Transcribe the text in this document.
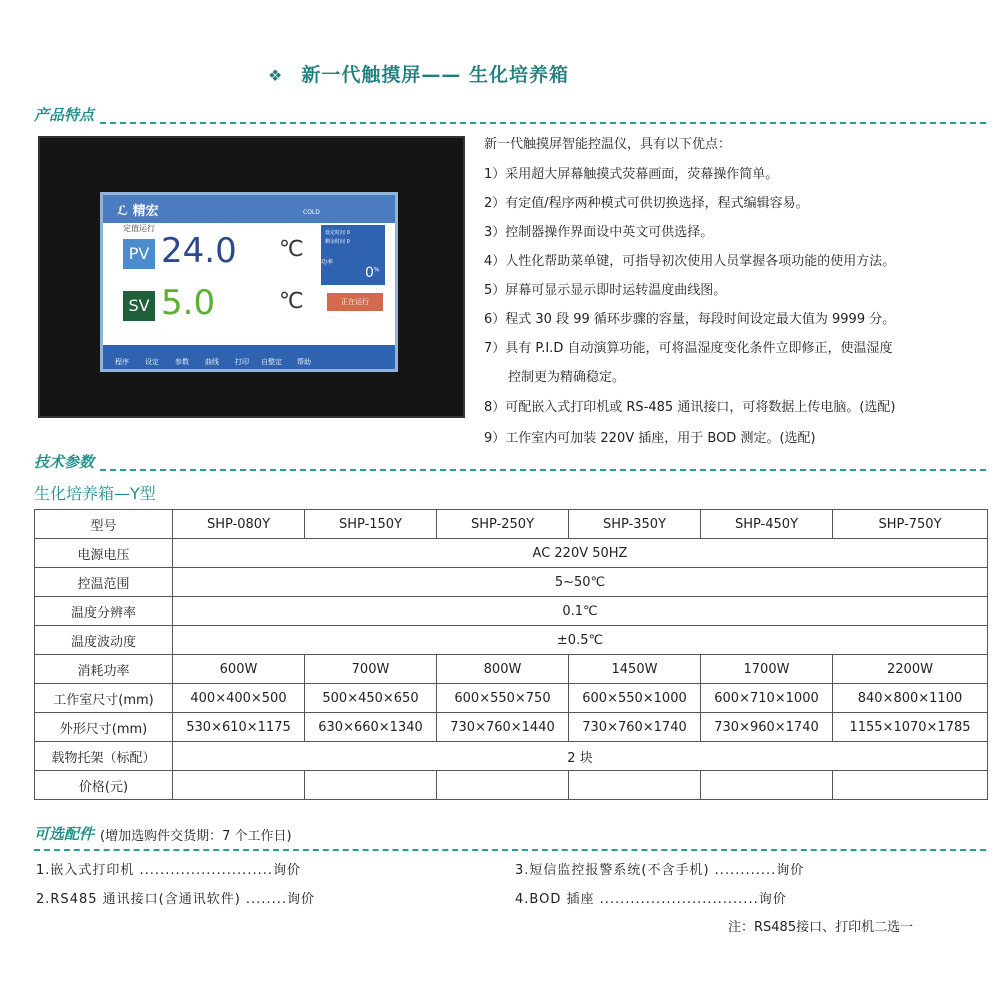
❖ 新一代触摸屏—— 生化培养箱
产品特点
ℒ 精宏	COLD
定值运行
PV 24.0 ℃
SV 5.0	℃
设定时间 0
剩余时间 0
功率
0%
正在运行
程序 设定 参数 曲线 打印 自整定 帮助
2015-09-17
08:54:48
新一代触摸屏智能控温仪，具有以下优点：
1）采用超大屏幕触摸式荧幕画面，荧幕操作简单。
2）有定值/程序两种模式可供切换选择，程式编辑容易。
3）控制器操作界面设中英文可供选择。
4）人性化帮助菜单键，可指导初次使用人员掌握各项功能的使用方法。
5）屏幕可显示显示即时运转温度曲线图。
6）程式 30 段 99 循环步骤的容量，每段时间设定最大值为 9999 分。
7）具有 P.I.D 自动演算功能，可将温湿度变化条件立即修正，使温湿度
控制更为精确稳定。
8）可配嵌入式打印机或 RS-485 通讯接口，可将数据上传电脑。(选配)
9）工作室内可加装 220V 插座，用于 BOD 测定。(选配)
技术参数
生化培养箱—Y型
型号	SHP-080Y	SHP-150Y	SHP-250Y	SHP-350Y	SHP-450Y	SHP-750Y
电源电压	AC 220V 50HZ					
控温范围	5~50℃					
温度分辨率	0.1℃					
温度波动度	±0.5℃					
消耗功率	600W	700W	800W	1450W	1700W	2200W
工作室尺寸(mm)	400×400×500	500×450×650	600×550×750	600×550×1000	600×710×1000	840×800×1100
外形尺寸(mm)	530×610×1175	630×660×1340	730×760×1440	730×760×1740	730×960×1740	1155×1070×1785
载物托架（标配）	2 块					
价格(元)						
可选配件 (增加选购件交货期：7 个工作日)
1.嵌入式打印机 ..........................询价	3.短信监控报警系统(不含手机) ............询价
2.RS485 通讯接口(含通讯软件) ........询价	4.BOD 插座 ...............................询价
注：RS485接口、打印机二选一
